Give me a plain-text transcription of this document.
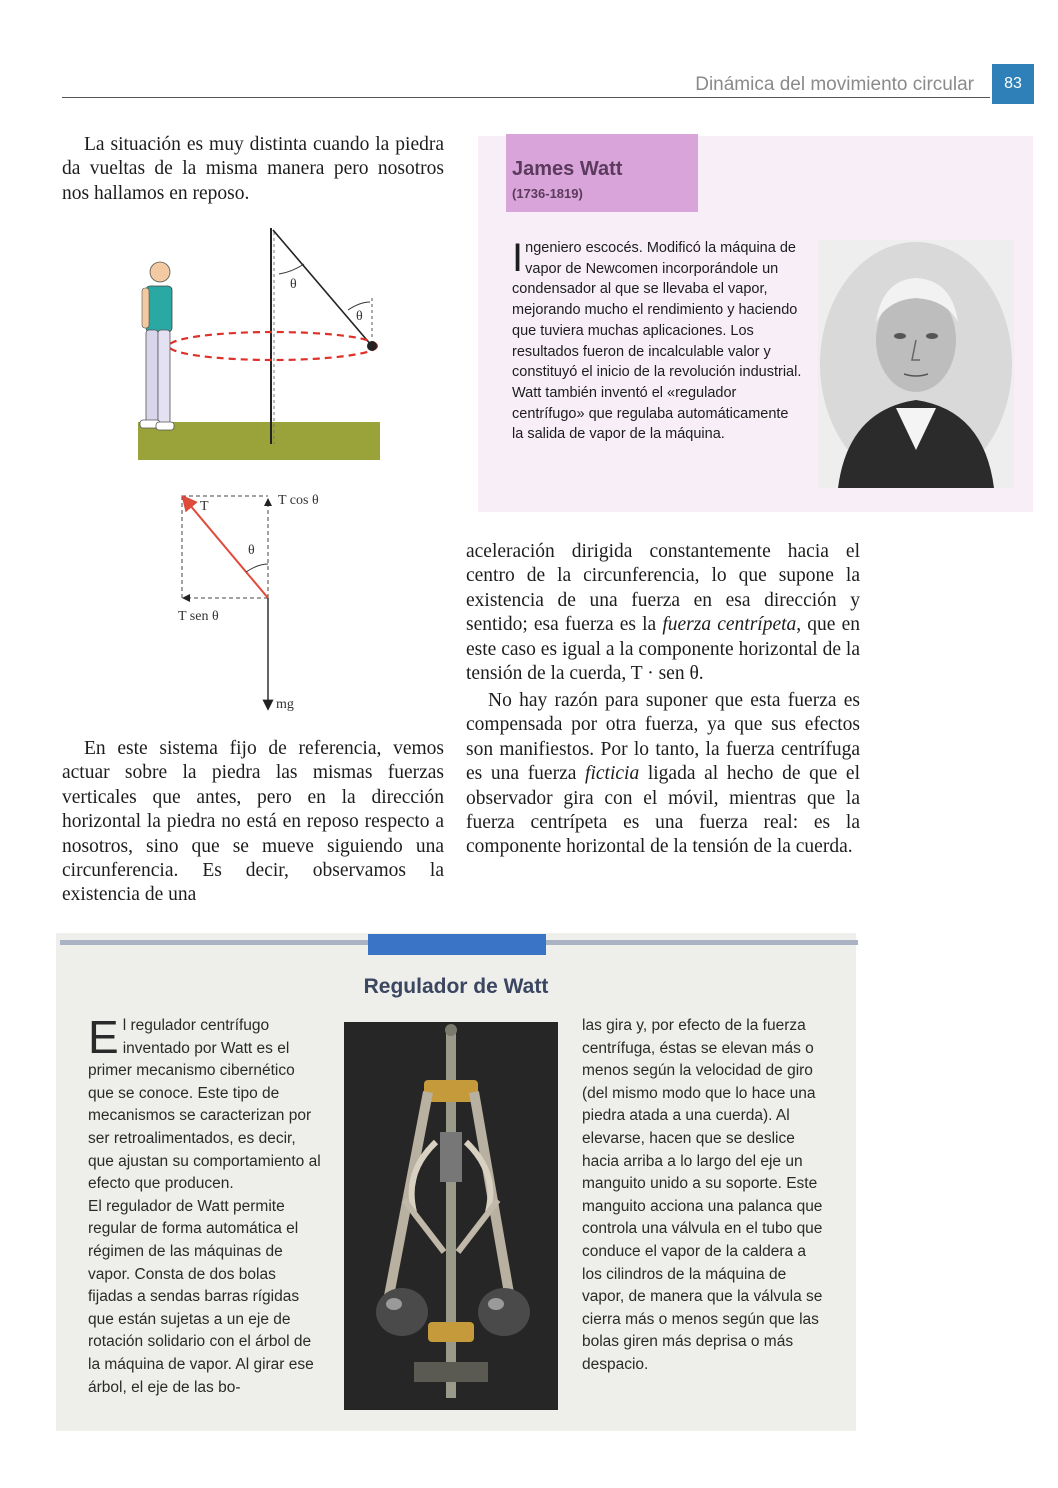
Dinámica del movimiento circular	83

La situación es muy distinta cuando la piedra da vueltas de la misma manera pero nosotros nos hallamos en reposo.

θ
θ
T	T cos θ
θ
T sen θ
mg

En este sistema fijo de referencia, vemos actuar sobre la piedra las mismas fuerzas verticales que antes, pero en la dirección horizontal la piedra no está en reposo respecto a nosotros, sino que se mueve siguiendo una circunferencia. Es decir, observamos la existencia de una

James Watt
(1736-1819)

Ingeniero escocés. Modificó la máquina de vapor de Newcomen incorporándole un condensador al que se llevaba el vapor, mejorando mucho el rendimiento y haciendo que tuviera muchas aplicaciones. Los resultados fueron de incalculable valor y constituyó el inicio de la revolución industrial. Watt también inventó el «regulador centrífugo» que regulaba automáticamente la salida de vapor de la máquina.

aceleración dirigida constantemente hacia el centro de la circunferencia, lo que supone la existencia de una fuerza en esa dirección y sentido; esa fuerza es la fuerza centrípeta, que en este caso es igual a la componente horizontal de la tensión de la cuerda, T · sen θ.

No hay razón para suponer que esta fuerza es compensada por otra fuerza, ya que sus efectos son manifiestos. Por lo tanto, la fuerza centrífuga es una fuerza ficticia ligada al hecho de que el observador gira con el móvil, mientras que la fuerza centrípeta es una fuerza real: es la componente horizontal de la tensión de la cuerda.

Regulador de Watt

El regulador centrífugo inventado por Watt es el primer mecanismo cibernético que se conoce. Este tipo de mecanismos se caracterizan por ser retroalimentados, es decir, que ajustan su comportamiento al efecto que producen.
El regulador de Watt permite regular de forma automática el régimen de las máquinas de vapor. Consta de dos bolas fijadas a sendas barras rígidas que están sujetas a un eje de rotación solidario con el árbol de la máquina de vapor. Al girar ese árbol, el eje de las bo-

las gira y, por efecto de la fuerza centrífuga, éstas se elevan más o menos según la velocidad de giro (del mismo modo que lo hace una piedra atada a una cuerda). Al elevarse, hacen que se deslice hacia arriba a lo largo del eje un manguito unido a su soporte. Este manguito acciona una palanca que controla una válvula en el tubo que conduce el vapor de la caldera a los cilindros de la máquina de vapor, de manera que la válvula se cierra más o menos según que las bolas giren más deprisa o más despacio.
